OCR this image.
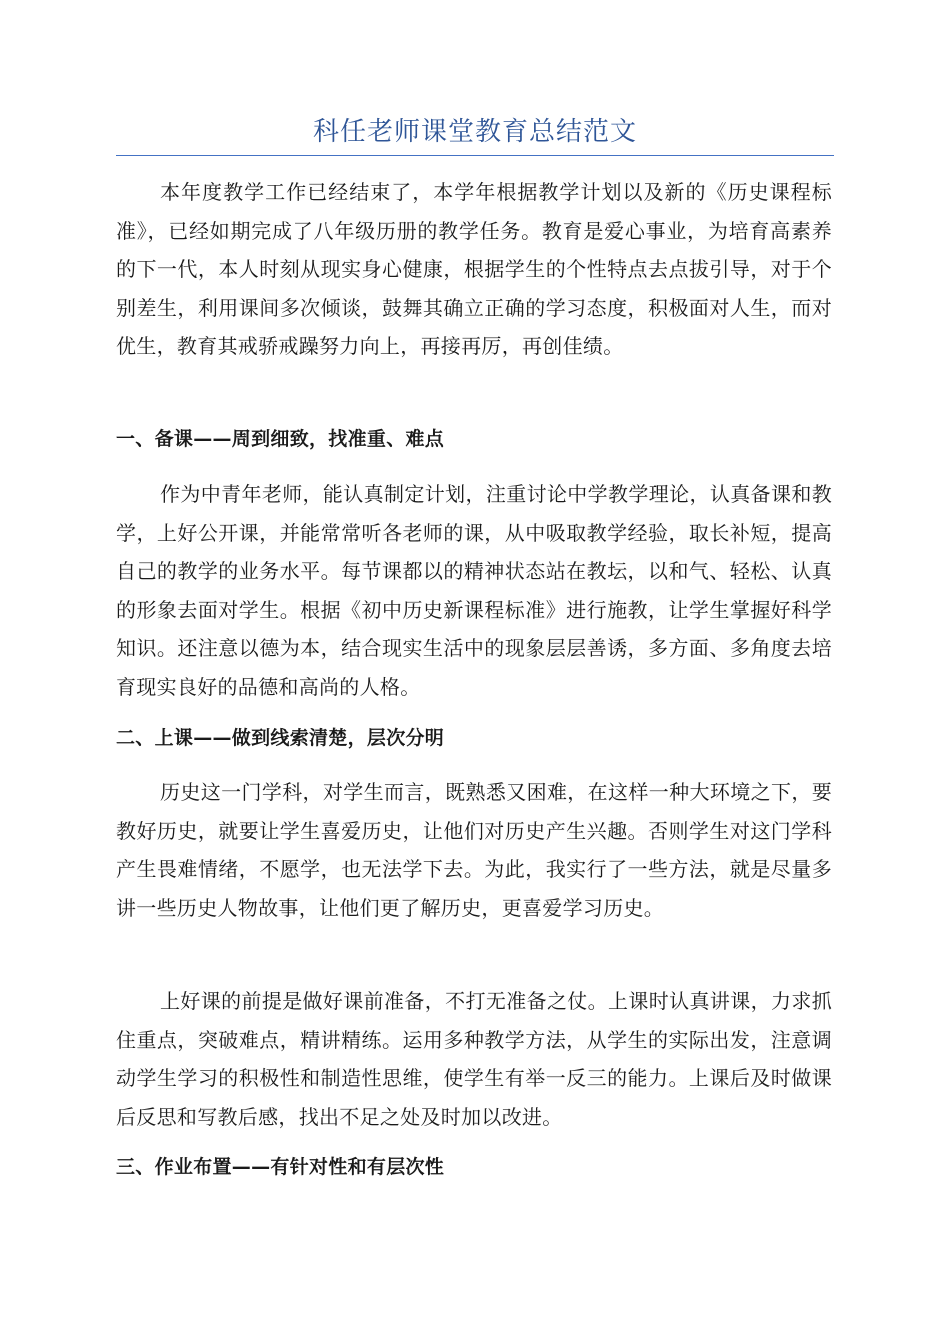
科任老师课堂教育总结范文

本年度教学工作已经结束了，本学年根据教学计划以及新的《历史课程标准》，已经如期完成了八年级历册的教学任务。教育是爱心事业，为培育高素养的下一代，本人时刻从现实身心健康，根据学生的个性特点去点拔引导，对于个别差生，利用课间多次倾谈，鼓舞其确立正确的学习态度，积极面对人生，而对优生，教育其戒骄戒躁努力向上，再接再厉，再创佳绩。

一、备课——周到细致，找准重、难点

作为中青年老师，能认真制定计划，注重讨论中学教学理论，认真备课和教学，上好公开课，并能常常听各老师的课，从中吸取教学经验，取长补短，提高自己的教学的业务水平。每节课都以的精神状态站在教坛，以和气、轻松、认真的形象去面对学生。根据《初中历史新课程标准》进行施教，让学生掌握好科学知识。还注意以德为本，结合现实生活中的现象层层善诱，多方面、多角度去培育现实良好的品德和高尚的人格。

二、上课——做到线索清楚，层次分明

历史这一门学科，对学生而言，既熟悉又困难，在这样一种大环境之下，要教好历史，就要让学生喜爱历史，让他们对历史产生兴趣。否则学生对这门学科产生畏难情绪，不愿学，也无法学下去。为此，我实行了一些方法，就是尽量多讲一些历史人物故事，让他们更了解历史，更喜爱学习历史。

上好课的前提是做好课前准备，不打无准备之仗。上课时认真讲课，力求抓住重点，突破难点，精讲精练。运用多种教学方法，从学生的实际出发，注意调动学生学习的积极性和制造性思维，使学生有举一反三的能力。上课后及时做课后反思和写教后感，找出不足之处及时加以改进。

三、作业布置——有针对性和有层次性
